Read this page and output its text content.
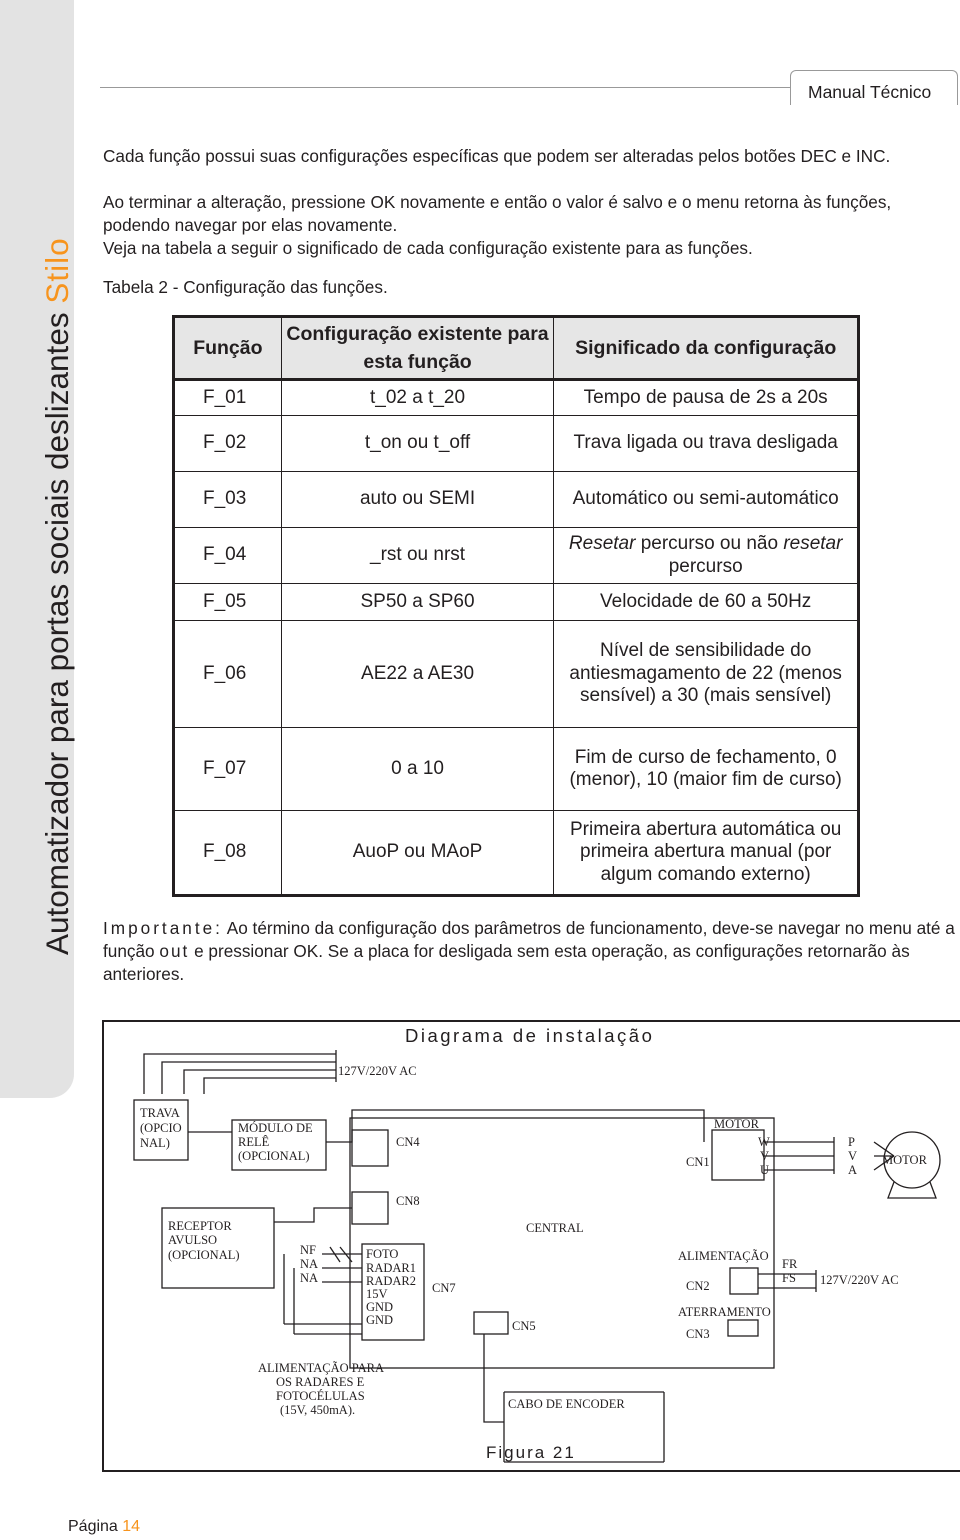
Automatizador para portas sociais deslizantes Stilo
Manual Técnico
Cada função possui suas configurações específicas que podem ser alteradas pelos botões DEC e INC.
Ao terminar a alteração, pressione OK novamente e então o valor é salvo e o menu retorna às funções, podendo navegar por elas novamente.
Veja na tabela a seguir o significado de cada configuração existente para as funções.
Tabela 2 - Configuração das funções.
Função	Configuração existente para esta função	Significado da configuração
F_01	t_02 a t_20	Tempo de pausa de 2s a 20s
F_02	t_on ou t_off	Trava ligada ou trava desligada
F_03	auto ou SEMI	Automático ou semi-automático
F_04	_rst ou nrst	Resetar percurso ou não resetar percurso
F_05	SP50 a SP60	Velocidade de 60 a 50Hz
F_06	AE22 a AE30	Nível de sensibilidade do antiesmagamento de 22 (menos sensível) a 30 (mais sensível)
F_07	0 a 10	Fim de curso de fechamento, 0 (menor), 10 (maior fim de curso)
F_08	AuoP ou MAoP	Primeira abertura automática ou primeira abertura manual (por algum comando externo)
Importante: Ao término da configuração dos parâmetros de funcionamento, deve-se navegar no menu até a função out e pressionar OK. Se a placa for desligada sem esta operação, as configurações retornarão às anteriores.
127V/220V AC
TRAVA
(OPCIO
NAL)
MÓDULO DE
RELÊ
(OPCIONAL)
CN4
CN8
RECEPTOR
AVULSO
(OPCIONAL)	NF
NA
NA
FOTO
RADAR1
RADAR2
15V
GND
GND
CN7
CENTRAL
CN5
MOTOR
W
V
U
CN1
P
V
A
MOTOR
ALIMENTAÇÃO
CN2
FR
FS 127V/220V AC
ATERRAMENTO
CN3
ALIMENTAÇÃO PARA
OS RADARES E
FOTOCÉLULAS
(15V, 450mA).	CABO DE ENCODER
Diagrama de instalação
Figura 21
Página 14
